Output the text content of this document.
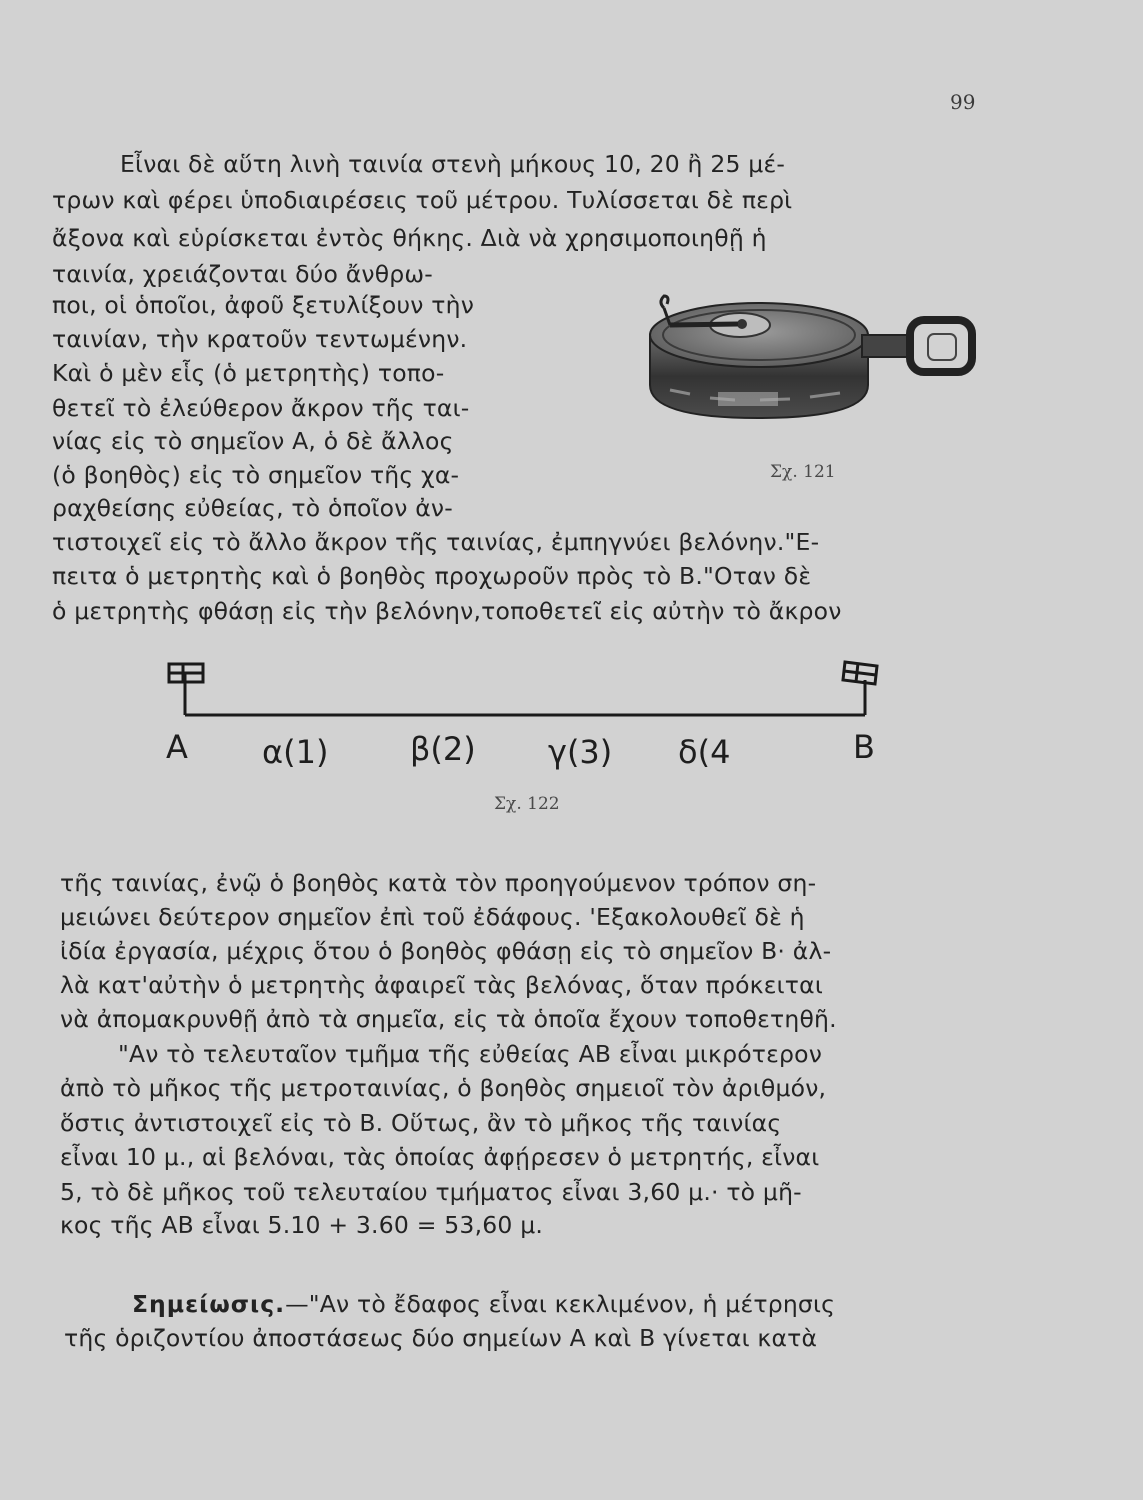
99

Εἶναι δὲ αὕτη λινὴ ταινία στενὴ μήκους 10, 20 ἢ 25 μέ-

τρων καὶ φέρει ὑποδιαιρέσεις τοῦ μέτρου. Τυλίσσεται δὲ περὶ

ἄξονα καὶ εὑρίσκεται ἐντὸς θήκης. Διὰ νὰ χρησιμοποιηθῇ ἡ

ταινία, χρειάζονται δύο ἄνθρω-

ποι, οἱ ὁποῖοι, ἀφοῦ ξετυλίξουν τὴν

ταινίαν, τὴν κρατοῦν τεντωμένην.

Καὶ ὁ μὲν εἷς (ὁ μετρητὴς) τοπο-

θετεῖ τὸ ἐλεύθερον ἄκρον τῆς ται-

νίας εἰς τὸ σημεῖον Α, ὁ δὲ ἄλλος

(ὁ βοηθὸς) εἰς τὸ σημεῖον τῆς χα-

ραχθείσης εὐθείας, τὸ ὁποῖον ἀν-

τιστοιχεῖ εἰς τὸ ἄλλο ἄκρον τῆς ταινίας, ἐμπηγνύει βελόνην."Ε-

πειτα ὁ μετρητὴς καὶ ὁ βοηθὸς προχωροῦν πρὸς τὸ Β."Οταν δὲ

ὁ μετρητὴς φθάσῃ εἰς τὴν βελόνην,τοποθετεῖ εἰς αὐτὴν τὸ ἄκρον

Σχ. 121
A α(1)	β(2) γ(3) δ(4	B
Σχ. 122

τῆς ταινίας, ἐνῷ ὁ βοηθὸς κατὰ τὸν προηγούμενον τρόπον ση-

μειώνει δεύτερον σημεῖον ἐπὶ τοῦ ἐδάφους. 'Εξακολουθεῖ δὲ ἡ

ἰδία ἐργασία, μέχρις ὅτου ὁ βοηθὸς φθάσῃ εἰς τὸ σημεῖον Β· ἀλ-

λὰ κατ'αὐτὴν ὁ μετρητὴς ἀφαιρεῖ τὰς βελόνας, ὅταν πρόκειται

νὰ ἀπομακρυνθῇ ἀπὸ τὰ σημεῖα, εἰς τὰ ὁποῖα ἔχουν τοποθετηθῆ.

"Αν τὸ τελευταῖον τμῆμα τῆς εὐθείας ΑΒ εἶναι μικρότερον

ἀπὸ τὸ μῆκος τῆς μετροταινίας, ὁ βοηθὸς σημειοῖ τὸν ἀριθμόν,

ὅστις ἀντιστοιχεῖ εἰς τὸ Β. Οὕτως, ἂν τὸ μῆκος τῆς ταινίας

εἶναι 10 μ., αἱ βελόναι, τὰς ὁποίας ἀφῄρεσεν ὁ μετρητής, εἶναι

5, τὸ δὲ μῆκος τοῦ τελευταίου τμήματος εἶναι 3,60 μ.· τὸ μῆ-

κος τῆς ΑΒ εἶναι 5.10 + 3.60 = 53,60 μ.

Σημείωσις.—"Αν τὸ ἔδαφος εἶναι κεκλιμένον, ἡ μέτρησις

τῆς ὁριζοντίου ἀποστάσεως δύο σημείων Α καὶ Β γίνεται κατὰ
